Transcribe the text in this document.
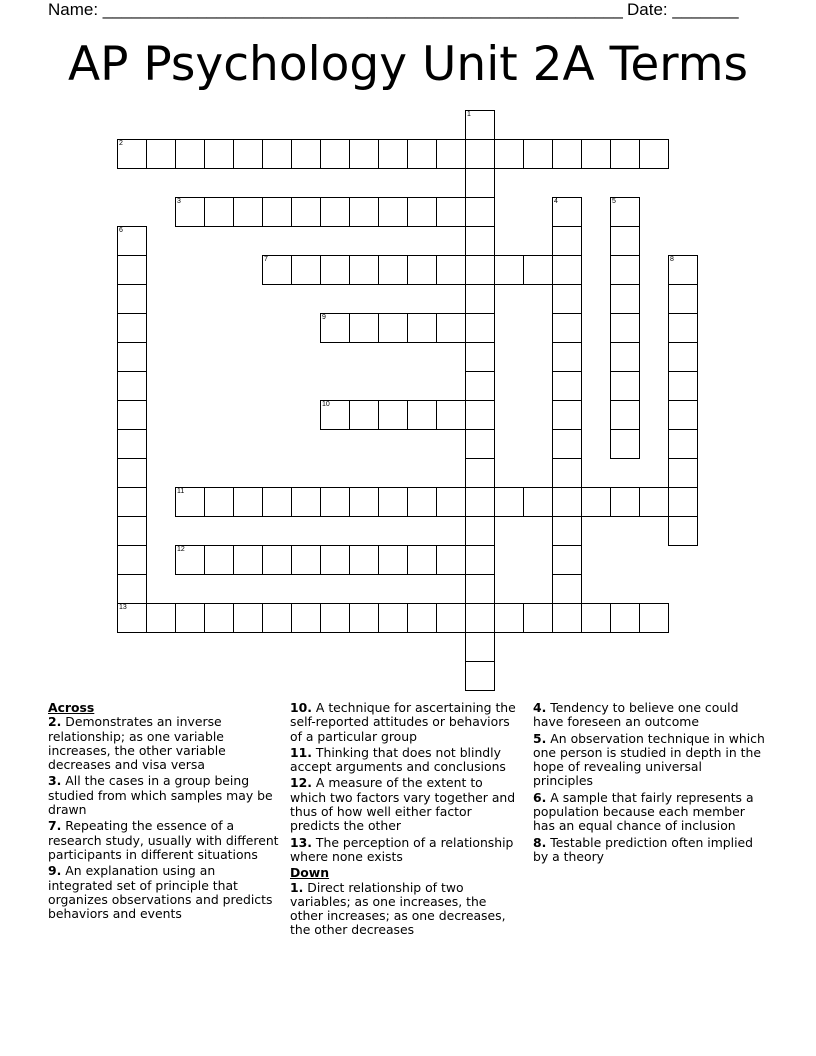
Name: _______________________________________________________ Date: _______
AP Psychology Unit 2A Terms
1
2
3	4	5
6
7	8
9
10
11
12
13
Across
2. Demonstrates an inverse relationship; as one variable increases, the other variable decreases and visa versa
3. All the cases in a group being studied from which samples may be drawn
7. Repeating the essence of a research study, usually with different participants in different situations
9. An explanation using an integrated set of principle that organizes observations and predicts behaviors and events
10. A technique for ascertaining the self-reported attitudes or behaviors of a particular group
11. Thinking that does not blindly accept arguments and conclusions
12. A measure of the extent to which two factors vary together and thus of how well either factor predicts the other
13. The perception of a relationship where none exists
Down
1. Direct relationship of two variables; as one increases, the other increases; as one decreases, the other decreases
4. Tendency to believe one could have foreseen an outcome
5. An observation technique in which one person is studied in depth in the hope of revealing universal principles
6. A sample that fairly represents a population because each member has an equal chance of inclusion
8. Testable prediction often implied by a theory
